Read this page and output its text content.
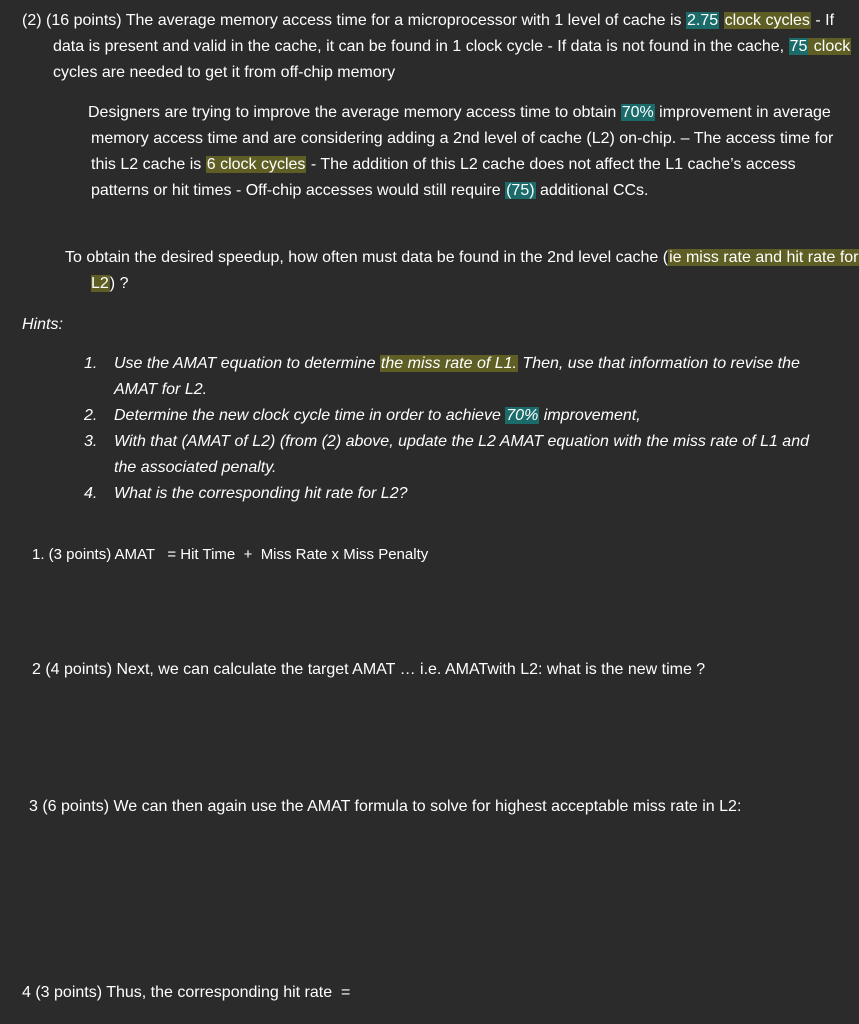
(2) (16 points) The average memory access time for a microprocessor with 1 level of cache is 2.75 clock cycles - If data is present and valid in the cache, it can be found in 1 clock cycle - If data is not found in the cache, 75 clock cycles are needed to get it from off-chip memory

Designers are trying to improve the average memory access time to obtain 70% improvement in average memory access time and are considering adding a 2nd level of cache (L2) on-chip. – The access time for this L2 cache is 6 clock cycles - The addition of this L2 cache does not affect the L1 cache’s access patterns or hit times - Off-chip accesses would still require (75) additional CCs.

To obtain the desired speedup, how often must data be found in the 2nd level cache (ie miss rate and hit rate for L2) ?

Hints:

1. Use the AMAT equation to determine the miss rate of L1. Then, use that information to revise the AMAT for L2.
2. Determine the new clock cycle time in order to achieve 70% improvement,
3. With that (AMAT of L2) (from (2) above, update the L2 AMAT equation with the miss rate of L1 and the associated penalty.
4. What is the corresponding hit rate for L2?

1. (3 points) AMAT   = Hit Time  +  Miss Rate x Miss Penalty

2 (4 points) Next, we can calculate the target AMAT … i.e. AMATwith L2: what is the new time ?

3 (6 points) We can then again use the AMAT formula to solve for highest acceptable miss rate in L2:

4 (3 points) Thus, the corresponding hit rate  =
